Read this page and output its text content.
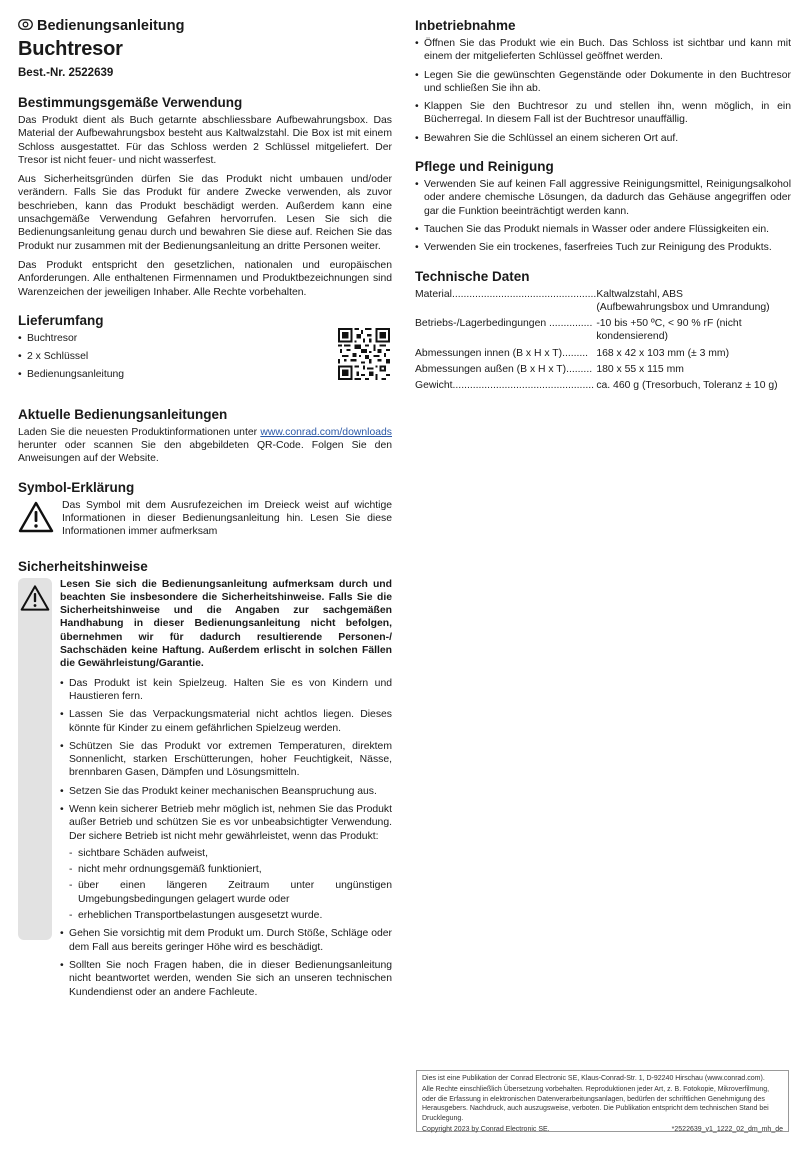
Bedienungsanleitung
Buchtresor
Best.-Nr. 2522639
Bestimmungsgemäße Verwendung

Das Produkt dient als Buch getarnte abschliessbare Aufbewahrungsbox. Das Material der Aufbewahrungsbox besteht aus Kaltwalzstahl. Die Box ist mit einem Schloss ausgestattet. Für das Schloss werden 2 Schlüssel mitgeliefert. Der Tresor ist nicht feuer- und nicht wasserfest.

Aus Sicherheitsgründen dürfen Sie das Produkt nicht umbauen und/oder verändern. Falls Sie das Produkt für andere Zwecke verwenden, als zuvor beschrieben, kann das Produkt beschädigt werden. Außerdem kann eine unsachgemäße Verwendung Gefahren hervorrufen. Lesen Sie sich die Bedienungsanleitung genau durch und bewahren Sie diese auf. Reichen Sie das Produkt nur zusammen mit der Bedienungsanleitung an dritte Personen weiter.

Das Produkt entspricht den gesetzlichen, nationalen und europäischen Anforderungen. Alle enthaltenen Firmennamen und Produktbezeichnungen sind Warenzeichen der jeweiligen Inhaber. Alle Rechte vorbehalten.

Lieferumfang
• Buchtresor
• 2 x Schlüssel
• Bedienungsanleitung
Aktuelle Bedienungsanleitungen

Laden Sie die neuesten Produktinformationen unter www.conrad.com/downloads herunter oder scannen Sie den abgebildeten QR-Code. Folgen Sie den Anweisungen auf der Website.

Symbol-Erklärung

Das Symbol mit dem Ausrufezeichen im Dreieck weist auf wichtige Informationen in dieser Bedienungsanleitung hin. Lesen Sie diese Informationen immer aufmerksam

Sicherheitshinweise

Lesen Sie sich die Bedienungsanleitung aufmerksam durch und beachten Sie insbesondere die Sicherheitshinweise. Falls Sie die Sicherheitshinweise und die Angaben zur sachgemäßen Handhabung in dieser Bedienungsanleitung nicht befolgen, übernehmen wir für dadurch resultierende Personen-/ Sachschäden keine Haftung. Außerdem erlischt in solchen Fällen die Gewährleistung/Garantie.

• Das Produkt ist kein Spielzeug. Halten Sie es von Kindern und Haustieren fern.
• Lassen Sie das Verpackungsmaterial nicht achtlos liegen. Dieses könnte für Kinder zu einem gefährlichen Spielzeug werden.
• Schützen Sie das Produkt vor extremen Temperaturen, direktem Sonnenlicht, starken Erschütterungen, hoher Feuchtigkeit, Nässe, brennbaren Gasen, Dämpfen und Lösungsmitteln.
• Setzen Sie das Produkt keiner mechanischen Beanspruchung aus.
• Wenn kein sicherer Betrieb mehr möglich ist, nehmen Sie das Produkt außer Betrieb und schützen Sie es vor unbeabsichtigter Verwendung. Der sichere Betrieb ist nicht mehr gewährleistet, wenn das Produkt:
- sichtbare Schäden aufweist,
- nicht mehr ordnungsgemäß funktioniert,
- über einen längeren Zeitraum unter ungünstigen Umgebungsbedingungen gelagert wurde oder
- erheblichen Transportbelastungen ausgesetzt wurde.
• Gehen Sie vorsichtig mit dem Produkt um. Durch Stöße, Schläge oder dem Fall aus bereits geringer Höhe wird es beschädigt.
• Sollten Sie noch Fragen haben, die in dieser Bedienungsanleitung nicht beantwortet werden, wenden Sie sich an unseren technischen Kundendienst oder an andere Fachleute.
Inbetriebnahme
• Öffnen Sie das Produkt wie ein Buch. Das Schloss ist sichtbar und kann mit einem der mitgelieferten Schlüssel geöffnet werden.
• Legen Sie die gewünschten Gegenstände oder Dokumente in den Buchtresor und schließen Sie ihn ab.
• Klappen Sie den Buchtresor zu und stellen ihn, wenn möglich, in ein Bücherregal. In diesem Fall ist der Buchtresor unauffällig.
• Bewahren Sie die Schlüssel an einem sicheren Ort auf.
Pflege und Reinigung
• Verwenden Sie auf keinen Fall aggressive Reinigungsmittel, Reinigungsalkohol oder andere chemische Lösungen, da dadurch das Gehäuse angegriffen oder gar die Funktion beeinträchtigt werden kann.
• Tauchen Sie das Produkt niemals in Wasser oder andere Flüssigkeiten ein.
• Verwenden Sie ein trockenes, faserfreies Tuch zur Reinigung des Produkts.
Technische Daten
Material..................................................	Kaltwalzstahl, ABS
(Aufbewahrungsbox und Umrandung)

Betriebs-/Lagerbedingungen ...............	-10 bis +50 ºC, < 90 % rF (nicht kondensierend)
Abmessungen innen (B x H x T).........	168 x 42 x 103 mm (± 3 mm)
Abmessungen außen (B x H x T).........	180 x 55 x 115 mm
Gewicht.................................................	ca. 460 g (Tresorbuch, Toleranz ± 10 g)
Dies ist eine Publikation der Conrad Electronic SE, Klaus-Conrad-Str. 1, D-92240 Hirschau (www.conrad.com).
Alle Rechte einschließlich Übersetzung vorbehalten. Reproduktionen jeder Art, z. B. Fotokopie, Mikroverfilmung, oder die Erfassung in elektronischen Datenverarbeitungsanlagen, bedürfen der schriftlichen Genehmigung des Herausgebers. Nachdruck, auch auszugsweise, verboten. Die Publikation entspricht dem technischen Stand bei Drucklegung.
Copyright 2023 by Conrad Electronic SE.	*2522639_v1_1222_02_dm_mh_de
